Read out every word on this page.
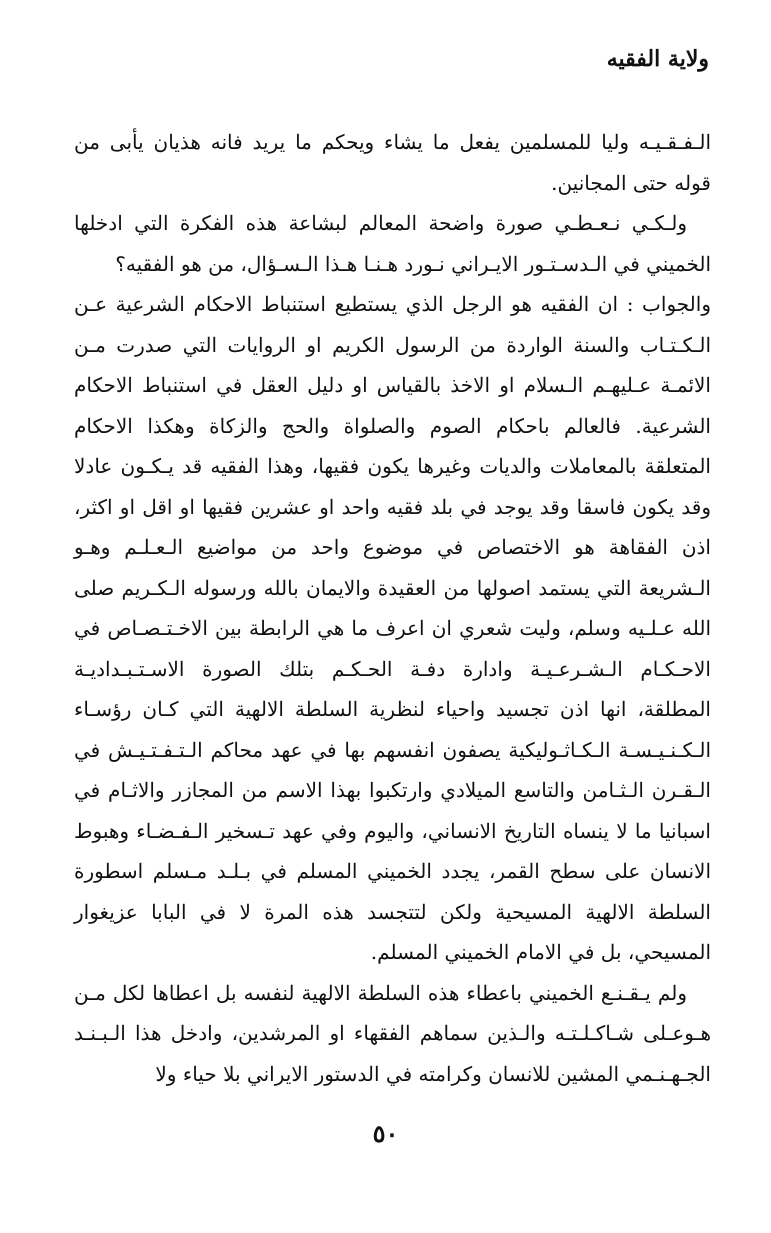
ولاية الفقيه

الـفـقـيـه وليا للمسلمين يفعل ما يشاء ويحكم ما يريد فانه هذيان يأبى من قوله حتى المجانين.

ولـكـي نـعـطـي صورة واضحة المعالم لبشاعة هذه الفكرة التي ادخلها الخميني في الـدسـتـور الايـراني نـورد هـنـا هـذا الـسـؤال، من هو الفقيه؟

والجواب : ان الفقيه هو الرجل الذي يستطيع استنباط الاحكام الشرعية عـن الـكـتـاب والسنة الواردة من الرسول الكريم او الروايات التي صدرت مـن الائمـة عـليهـم الـسلام او الاخذ بالقياس او دليل العقل في استنباط الاحكام الشرعية. فالعالم باحكام الصوم والصلواة والحج والزكاة وهكذا الاحكام المتعلقة بالمعاملات والديات وغيرها يكون فقيها، وهذا الفقيه قد يـكـون عادلا وقد يكون فاسقا وقد يوجد في بلد فقيه واحد او عشرين فقيها او اقل او اكثر، اذن الفقاهة هو الاختصاص في موضوع واحد من مواضيع الـعـلـم وهـو الـشريعة التي يستمد اصولها من العقيدة والايمان بالله ورسوله الـكـريم صلى الله عـلـيه وسلم، وليت شعري ان اعرف ما هي الرابطة بين الاخـتـصـاص في الاحـكـام الـشـرعـيـة وادارة دفـة الحـكـم بتلك الصورة الاسـتـبـداديـة المطلقة، انها اذن تجسيد واحياء لنظرية السلطة الالهية التي كـان رؤسـاء الـكـنـيـسـة الـكـاثـوليكية يصفون انفسهم بها في عهد محاكم الـتـفـتـيـش في الـقـرن الـثـامن والتاسع الميلادي وارتكبوا بهذا الاسم من المجازر والاثـام في اسبانيا ما لا ينساه التاريخ الانساني، واليوم وفي عهد تـسخير الـفـضـاء وهبوط الانسان على سطح القمر، يجدد الخميني المسلم في بـلـد مـسلم اسطورة السلطة الالهية المسيحية ولكن لتتجسد هذه المرة لا في البابا عزيغوار المسيحي، بل في الامام الخميني المسلم.

ولم يـقـنـع الخميني باعطاء هذه السلطة الالهية لنفسه بل اعطاها لكل مـن هـوعـلى شـاكـلـتـه والـذين سماهم الفقهاء او المرشدين، وادخل هذا الـبـنـد الجـهـنـمي المشين للانسان وكرامته في الدستور الايراني بلا حياء ولا

٥٠
